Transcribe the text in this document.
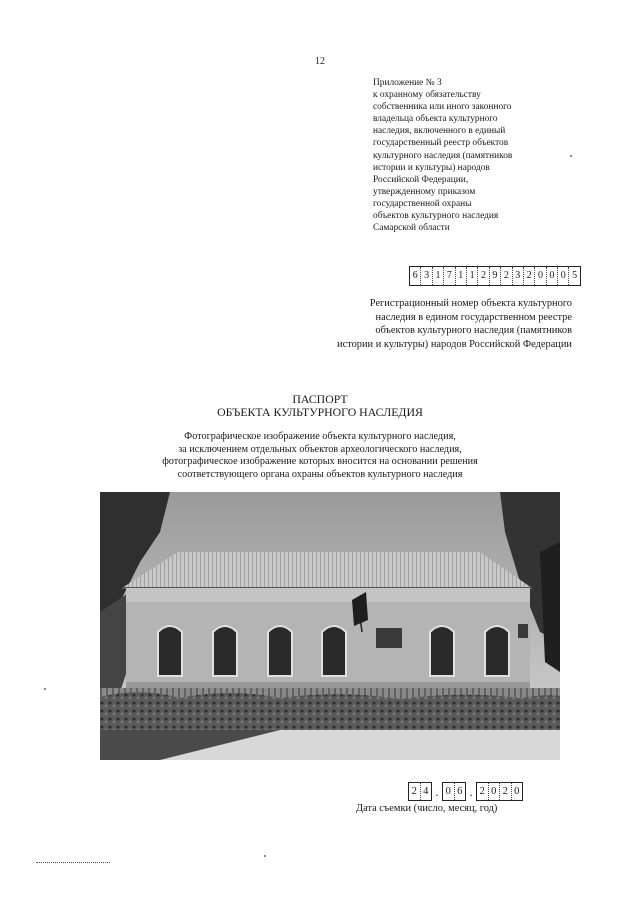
12
Приложение № 3
к охранному обязательству
собственника или иного законного
владельца объекта культурного
наследия, включенного в единый
государственный реестр объектов
культурного наследия (памятников
истории и культуры) народов
Российской Федерации,
утвержденному приказом
государственной охраны
объектов культурного наследия
Самарской области
6 3 1 7 1 1 2 9 2 3 2 0 0 0 5
Регистрационный номер объекта культурного
наследия в едином государственном реестре
объектов культурного наследия (памятников
истории и культуры) народов Российской Федерации
ПАСПОРТ
ОБЪЕКТА КУЛЬТУРНОГО НАСЛЕДИЯ
Фотографическое изображение объекта культурного наследия,
за исключением отдельных объектов археологического наследия,
фотографическое изображение которых вносится на основании решения
соответствующего органа охраны объектов культурного наследия
2 4 . 0 6 . 2 0 2 0
Дата съемки (число, месяц, год)
